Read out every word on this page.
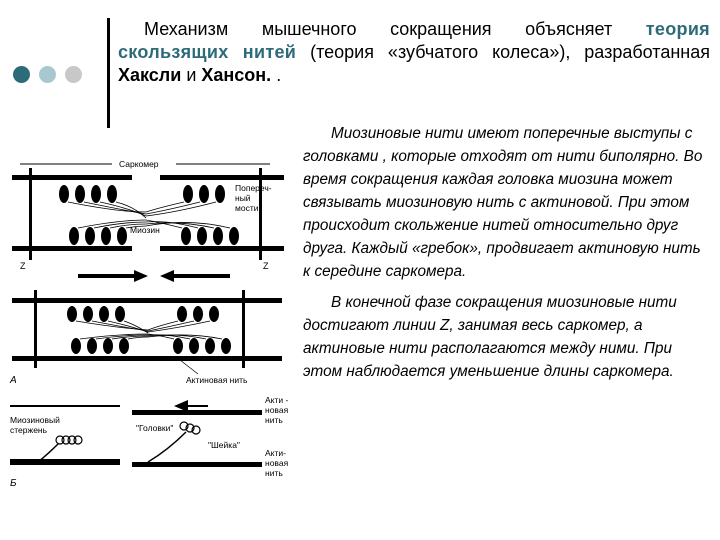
Механизм мышечного сокращения объясняет теория скользящих нитей (теория «зубчатого колеса»), разработанная Хаксли и Хансон. .

Миозиновые нити имеют поперечные выступы с головками , которые отходят от нити биполярно. Во время сокращения каждая головка миозина может связывать миозиновую нить с актиновой. При этом происходит скольжение нитей относительно друг друга. Каждый «гребок», продвигает актиновую нить к середине саркомера.

В конечной фазе сокращения миозиновые нити достигают линии Z, занимая весь саркомер, а актиновые нити располагаются между ними. При этом наблюдается уменьшение длины саркомера.

Саркомер
Попереч-
ный
мостик
Миозин
Z	Z
А	Актиновая нить
Миозиновый
стержень
Б
"Головки"
"Шейка"
Акти -
новая
нить
Акти-
новая
нить
